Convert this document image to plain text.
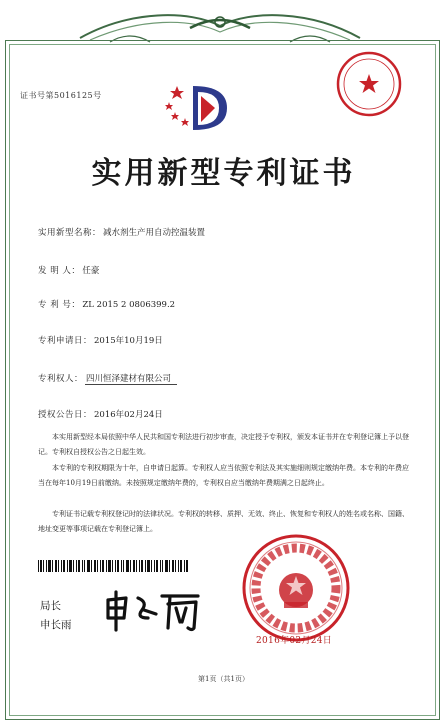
证书号第5016125号
实用新型专利证书
实用新型名称： 减水剂生产用自动控温装置
发 明 人： 任豪
专 利 号： ZL 2015 2 0806399.2
专利申请日： 2015年10月19日
专利权人： 四川恒泽建材有限公司
授权公告日： 2016年02月24日

本实用新型经本局依照中华人民共和国专利法进行初步审查，决定授予专利权，颁发本证书并在专利登记簿上予以登记。专利权自授权公告之日起生效。

本专利的专利权期限为十年，自申请日起算。专利权人应当依照专利法及其实施细则规定缴纳年费。本专利的年费应当在每年10月19日前缴纳。未按照规定缴纳年费的，专利权自应当缴纳年费期满之日起终止。

专利证书记载专利权登记时的法律状况。专利权的转移、质押、无效、终止、恢复和专利权人的姓名或名称、国籍、地址变更等事项记载在专利登记簿上。

局长
申长雨
2016年02月24日
第1页（共1页）
